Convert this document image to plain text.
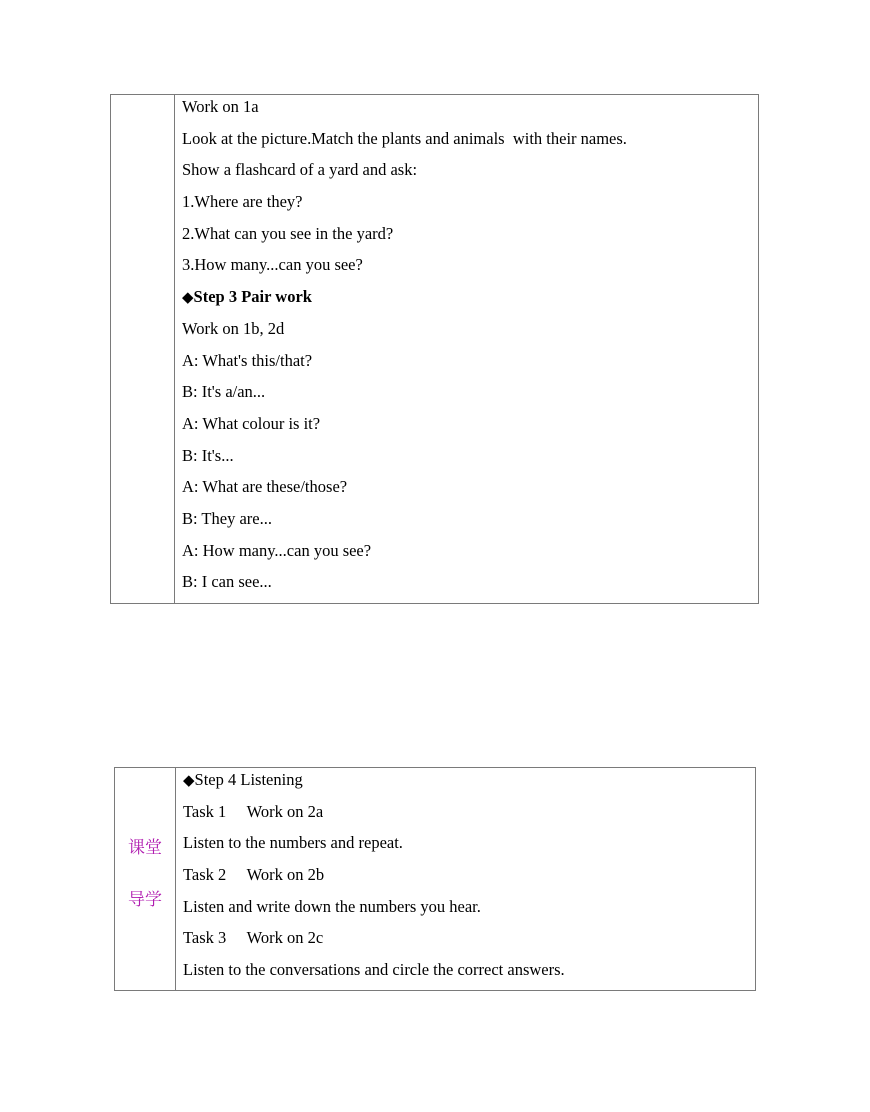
Work on 1a
Look at the picture.Match the plants and animals  with their names.
Show a flashcard of a yard and ask:
1.Where are they?
2.What can you see in the yard?
3.How many...can you see?
◆Step 3 Pair work
Work on 1b, 2d
A: What's this/that?
B: It's a/an...
A: What colour is it?
B: It's...
A: What are these/those?
B: They are...
A: How many...can you see?
B: I can see...
课堂
导学
◆Step 4 Listening
Task 1     Work on 2a
Listen to the numbers and repeat.
Task 2     Work on 2b
Listen and write down the numbers you hear.
Task 3     Work on 2c
Listen to the conversations and circle the correct answers.
